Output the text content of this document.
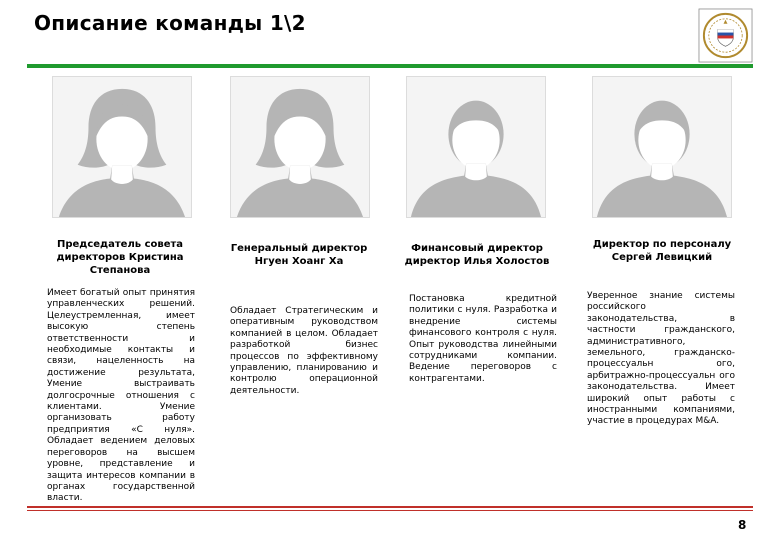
Описание команды 1\2
Председатель совета директоров Кристина Степанова
Имеет богатый опыт принятия управленческих решений. Целеустремленная, имеет высокую степень ответственности и необходимые контакты и связи, нацеленность на достижение результата, Умение выстраивать долгосрочные отношения с клиентами. Умение организовать работу предприятия «С нуля». Обладает ведением деловых переговоров на высшем уровне, представление и защита интересов компании в органах государственной власти.
Генеральный директор Нгуен Хоанг Ха
Обладает Стратегическим и оперативным руководством компанией в целом. Обладает разработкой бизнес процессов по эффективному управлению, планированию и контролю операционной деятельности.
Финансовый директор директор Илья Холостов
Постановка кредитной политики с нуля. Разработка и внедрение системы финансового контроля с нуля. Опыт руководства линейными сотрудниками компании. Ведение переговоров с контрагентами.
Директор по персоналу Сергей Левицкий
Уверенное знание системы российского законодательства, в частности гражданского, административного, земельного, гражданско-процессуальн ого, арбитражно-процессуальн ого законодательства. Имеет широкий опыт работы с иностранными компаниями, участие в процедурах M&A.
8
